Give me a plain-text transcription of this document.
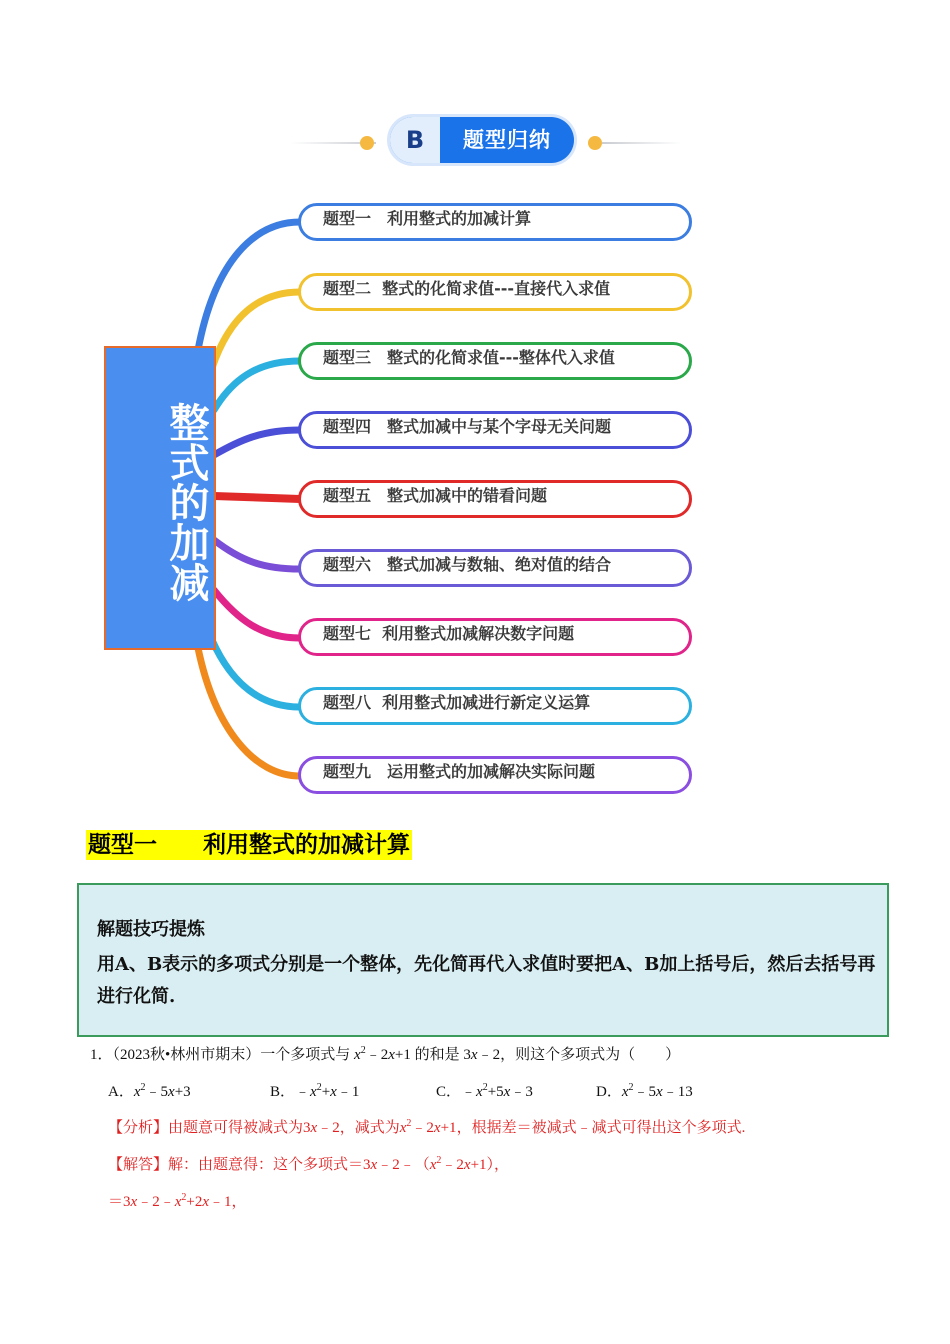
B	题型归纳
整式的加减
题型一　利用整式的加减计算
题型二  整式的化简求值---直接代入求值
题型三　整式的化简求值---整体代入求值
题型四　整式加减中与某个字母无关问题
题型五　整式加减中的错看问题
题型六　整式加减与数轴、绝对值的结合
题型七  利用整式加减解决数字问题
题型八  利用整式加减进行新定义运算
题型九　运用整式的加减解决实际问题
题型一　　利用整式的加减计算
解题技巧提炼
用A、B表示的多项式分别是一个整体，先化简再代入求值时要把A、B加上括号后，然后去括号再进行化简.
1．（2023秋•林州市期末）一个多项式与 $x^2﹣2x+1$ 的和是 3x﹣2，则这个多项式为（　　）
A．$x^2﹣5x+3$	B．$﹣x^2+x﹣1$	C．$﹣x^2+5x﹣3$	D．$x^2﹣5x﹣13$
【分析】由题意可得被减式为3x﹣2，减式为$x^2﹣2x+1$，根据差＝被减式﹣减式可得出这个多项式.
【解答】解：由题意得：这个多项式$=3x﹣2﹣(x^2﹣2x+1)$，
$=3x﹣2﹣x^2+2x﹣1$，
